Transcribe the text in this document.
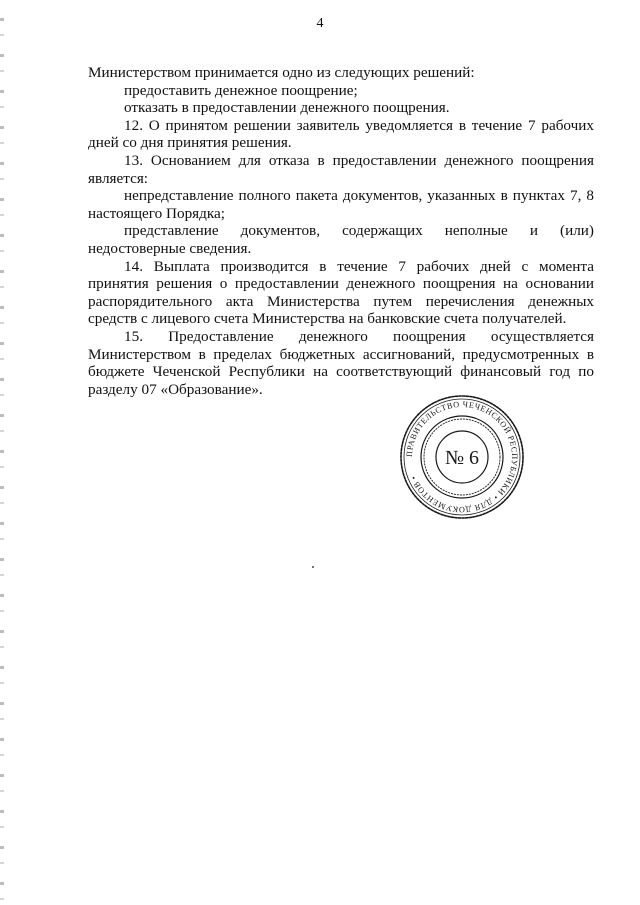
4

Министерством принимается одно из следующих решений:

предоставить денежное поощрение;

отказать в предоставлении денежного поощрения.

12. О принятом решении заявитель уведомляется в течение 7 рабочих дней со дня принятия решения.

13. Основанием для отказа в предоставлении денежного поощрения является:

непредставление полного пакета документов, указанных в пунктах 7, 8 настоящего Порядка;

представление документов, содержащих неполные и (или) недостоверные сведения.

14. Выплата производится в течение 7 рабочих дней с момента принятия решения о предоставлении денежного поощрения на основании распорядительного акта Министерства путем перечисления денежных средств с лицевого счета Министерства на банковские счета получателей.

15. Предоставление денежного поощрения осуществляется Министерством в пределах бюджетных ассигнований, предусмотренных в бюджете Чеченской Республики на соответствующий финансовый год по разделу 07 «Образование».

ПРАВИТЕЛЬСТВО ЧЕЧЕНСКОЙ РЕСПУБЛИКИ • ДЛЯ ДОКУМЕНТОВ •
№ 6
